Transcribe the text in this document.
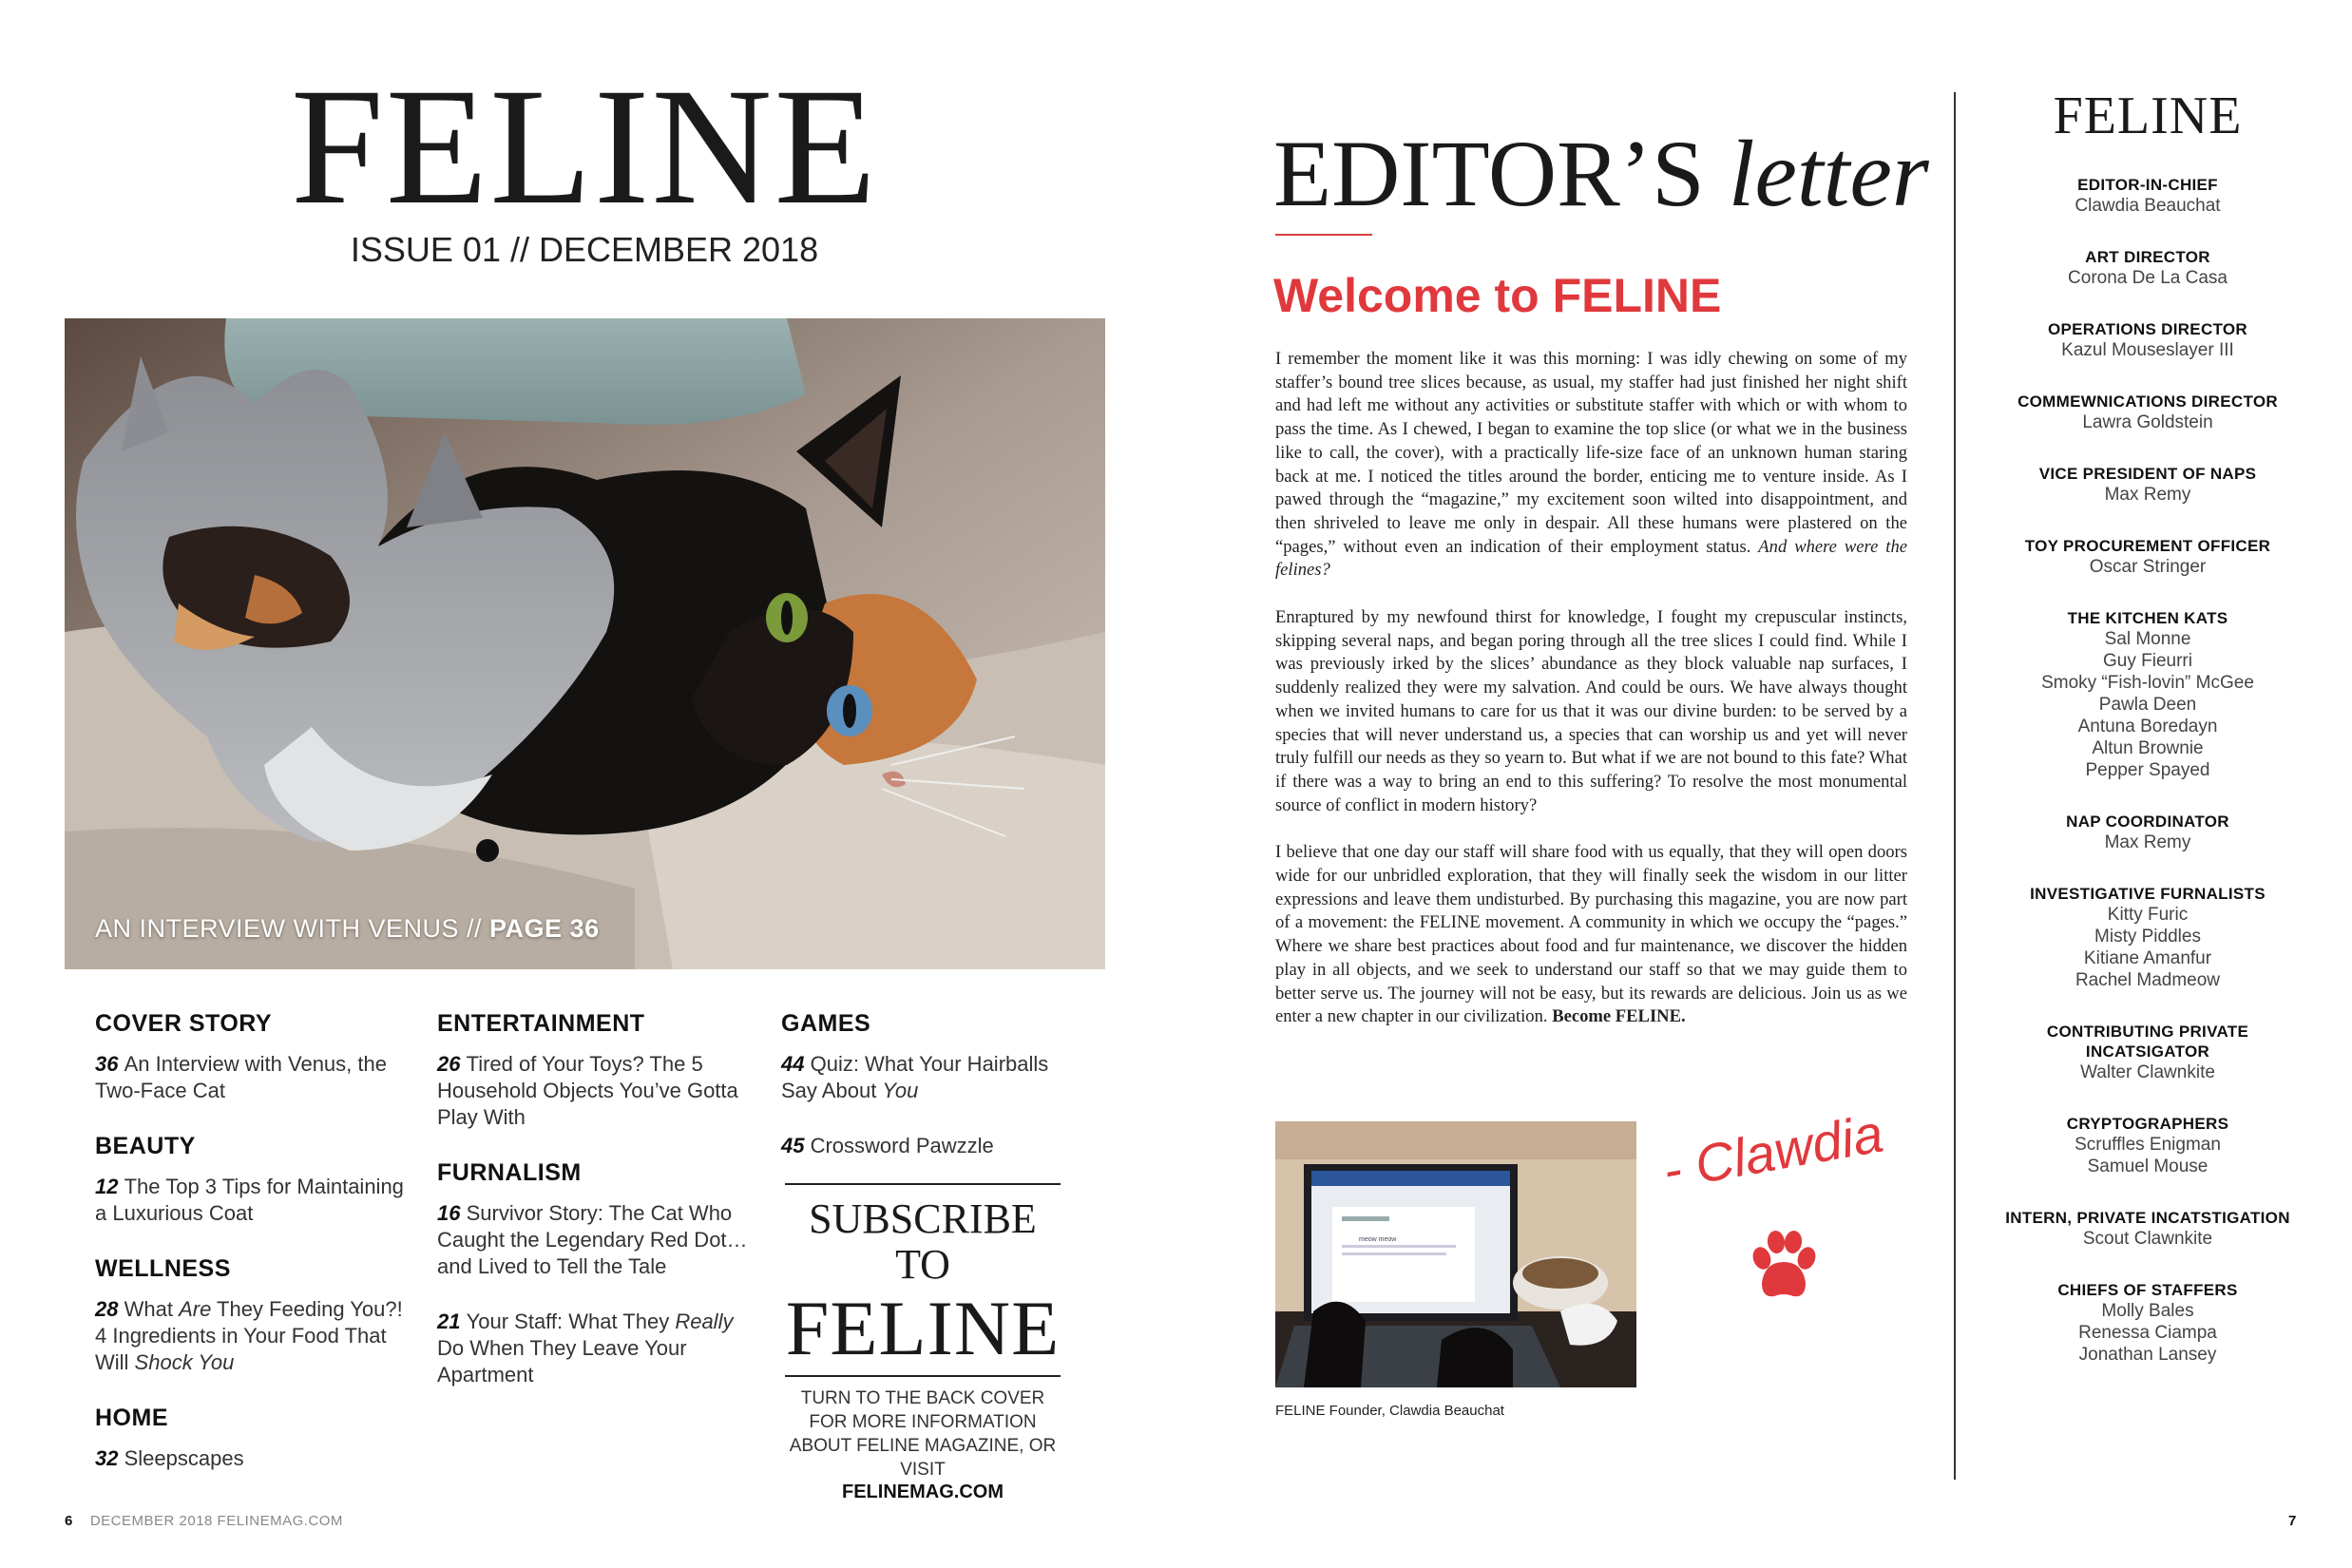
FELINE
ISSUE 01 // DECEMBER 2018
AN INTERVIEW WITH VENUS // PAGE 36
COVER STORY
36 An Interview with Venus, the Two-Face Cat
BEAUTY
12 The Top 3 Tips for Maintaining a Luxurious Coat
WELLNESS
28 What Are They Feeding You?! 4 Ingredients in Your Food That Will Shock You
HOME
32 Sleepscapes
ENTERTAINMENT
26 Tired of Your Toys? The 5 Household Objects You’ve Gotta Play With
FURNALISM
16 Survivor Story: The Cat Who Caught the Legendary Red Dot… and Lived to Tell the Tale
21 Your Staff: What They Really Do When They Leave Your Apartment
GAMES
44 Quiz: What Your Hairballs Say About You
45 Crossword Pawzzle
SUBSCRIBE TO
FELINE
TURN TO THE BACK COVER FOR MORE INFORMATION ABOUT FELINE MAGAZINE, OR VISIT
FELINEMAG.COM
6 DECEMBER 2018 FELINEMAG.COM	7
EDITOR’S letter
Welcome to FELINE

I remember the moment like it was this morning: I was idly chewing on some of my staffer’s bound tree slices because, as usual, my staffer had just finished her night shift and had left me without any activities or substitute staffer with which or with whom to pass the time. As I chewed, I began to examine the top slice (or what we in the business like to call, the cover), with a practically life-size face of an unknown human staring back at me. I noticed the titles around the border, enticing me to venture inside. As I pawed through the “magazine,” my excitement soon wilted into disappointment, and then shriveled to leave me only in despair. All these humans were plastered on the “pages,” without even an indication of their employment status. And where were the felines?

Enraptured by my newfound thirst for knowledge, I fought my crepuscular instincts, skipping several naps, and began poring through all the tree slices I could find. While I was previously irked by the slices’ abundance as they block valuable nap surfaces, I suddenly realized they were my salvation. And could be ours. We have always thought when we invited humans to care for us that it was our divine burden: to be served by a species that will never understand us, a species that can worship us and yet will never truly fulfill our needs as they so yearn to. But what if we are not bound to this fate? What if there was a way to bring an end to this suffering? To resolve the most monumental source of conflict in modern history?

I believe that one day our staff will share food with us equally, that they will open doors wide for our unbridled exploration, that they will finally seek the wisdom in our litter expressions and leave them undisturbed. By purchasing this magazine, you are now part of a movement: the FELINE movement. A community in which we occupy the “pages.” Where we share best practices about food and fur maintenance, we discover the hidden play in all objects, and we seek to understand our staff so that we may guide them to better serve us. The journey will not be easy, but its rewards are delicious. Join us as we enter a new chapter in our civilization. Become FELINE.

meow meow
FELINE Founder, Clawdia Beauchat
- Clawdia
FELINE
EDITOR-IN-CHIEF
Clawdia Beauchat
ART DIRECTOR
Corona De La Casa
OPERATIONS DIRECTOR
Kazul Mouseslayer III
COMMEWNICATIONS DIRECTOR
Lawra Goldstein
VICE PRESIDENT OF NAPS
Max Remy
TOY PROCUREMENT OFFICER
Oscar Stringer
THE KITCHEN KATS
Sal Monne
Guy Fieurri
Smoky “Fish-lovin” McGee
Pawla Deen
Antuna Boredayn
Altun Brownie
Pepper Spayed
NAP COORDINATOR
Max Remy
INVESTIGATIVE FURNALISTS
Kitty Furic
Misty Piddles
Kitiane Amanfur
Rachel Madmeow
CONTRIBUTING PRIVATE INCATSIGATOR
Walter Clawnkite
CRYPTOGRAPHERS
Scruffles Enigman
Samuel Mouse
INTERN, PRIVATE INCATSTIGATION
Scout Clawnkite
CHIEFS OF STAFFERS
Molly Bales
Renessa Ciampa
Jonathan Lansey
